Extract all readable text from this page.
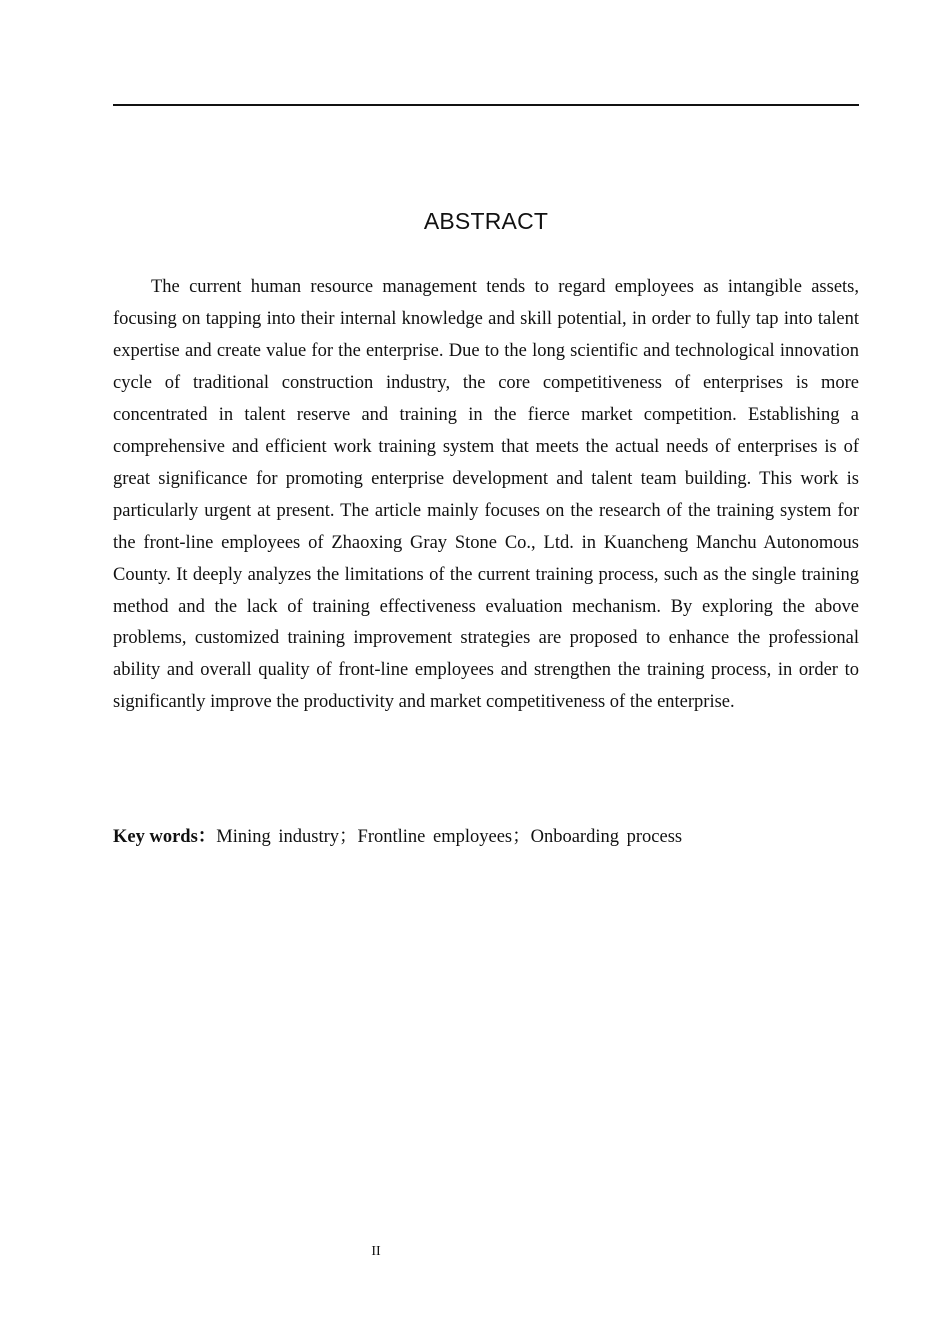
ABSTRACT

The current human resource management tends to regard employees as intangible assets, focusing on tapping into their internal knowledge and skill potential, in order to fully tap into talent expertise and create value for the enterprise. Due to the long scientific and technological innovation cycle of traditional construction industry, the core competitiveness of enterprises is more concentrated in talent reserve and training in the fierce market competition. Establishing a comprehensive and efficient work training system that meets the actual needs of enterprises is of great significance for promoting enterprise development and talent team building. This work is particularly urgent at present. The article mainly focuses on the research of the training system for the front-line employees of Zhaoxing Gray Stone Co., Ltd. in Kuancheng Manchu Autonomous County. It deeply analyzes the limitations of the current training process, such as the single training method and the lack of training effectiveness evaluation mechanism. By exploring the above problems, customized training improvement strategies are proposed to enhance the professional ability and overall quality of front-line employees and strengthen the training process, in order to significantly improve the productivity and market competitiveness of the enterprise.

Key words：Mining industry；Frontline employees；Onboarding process

II
